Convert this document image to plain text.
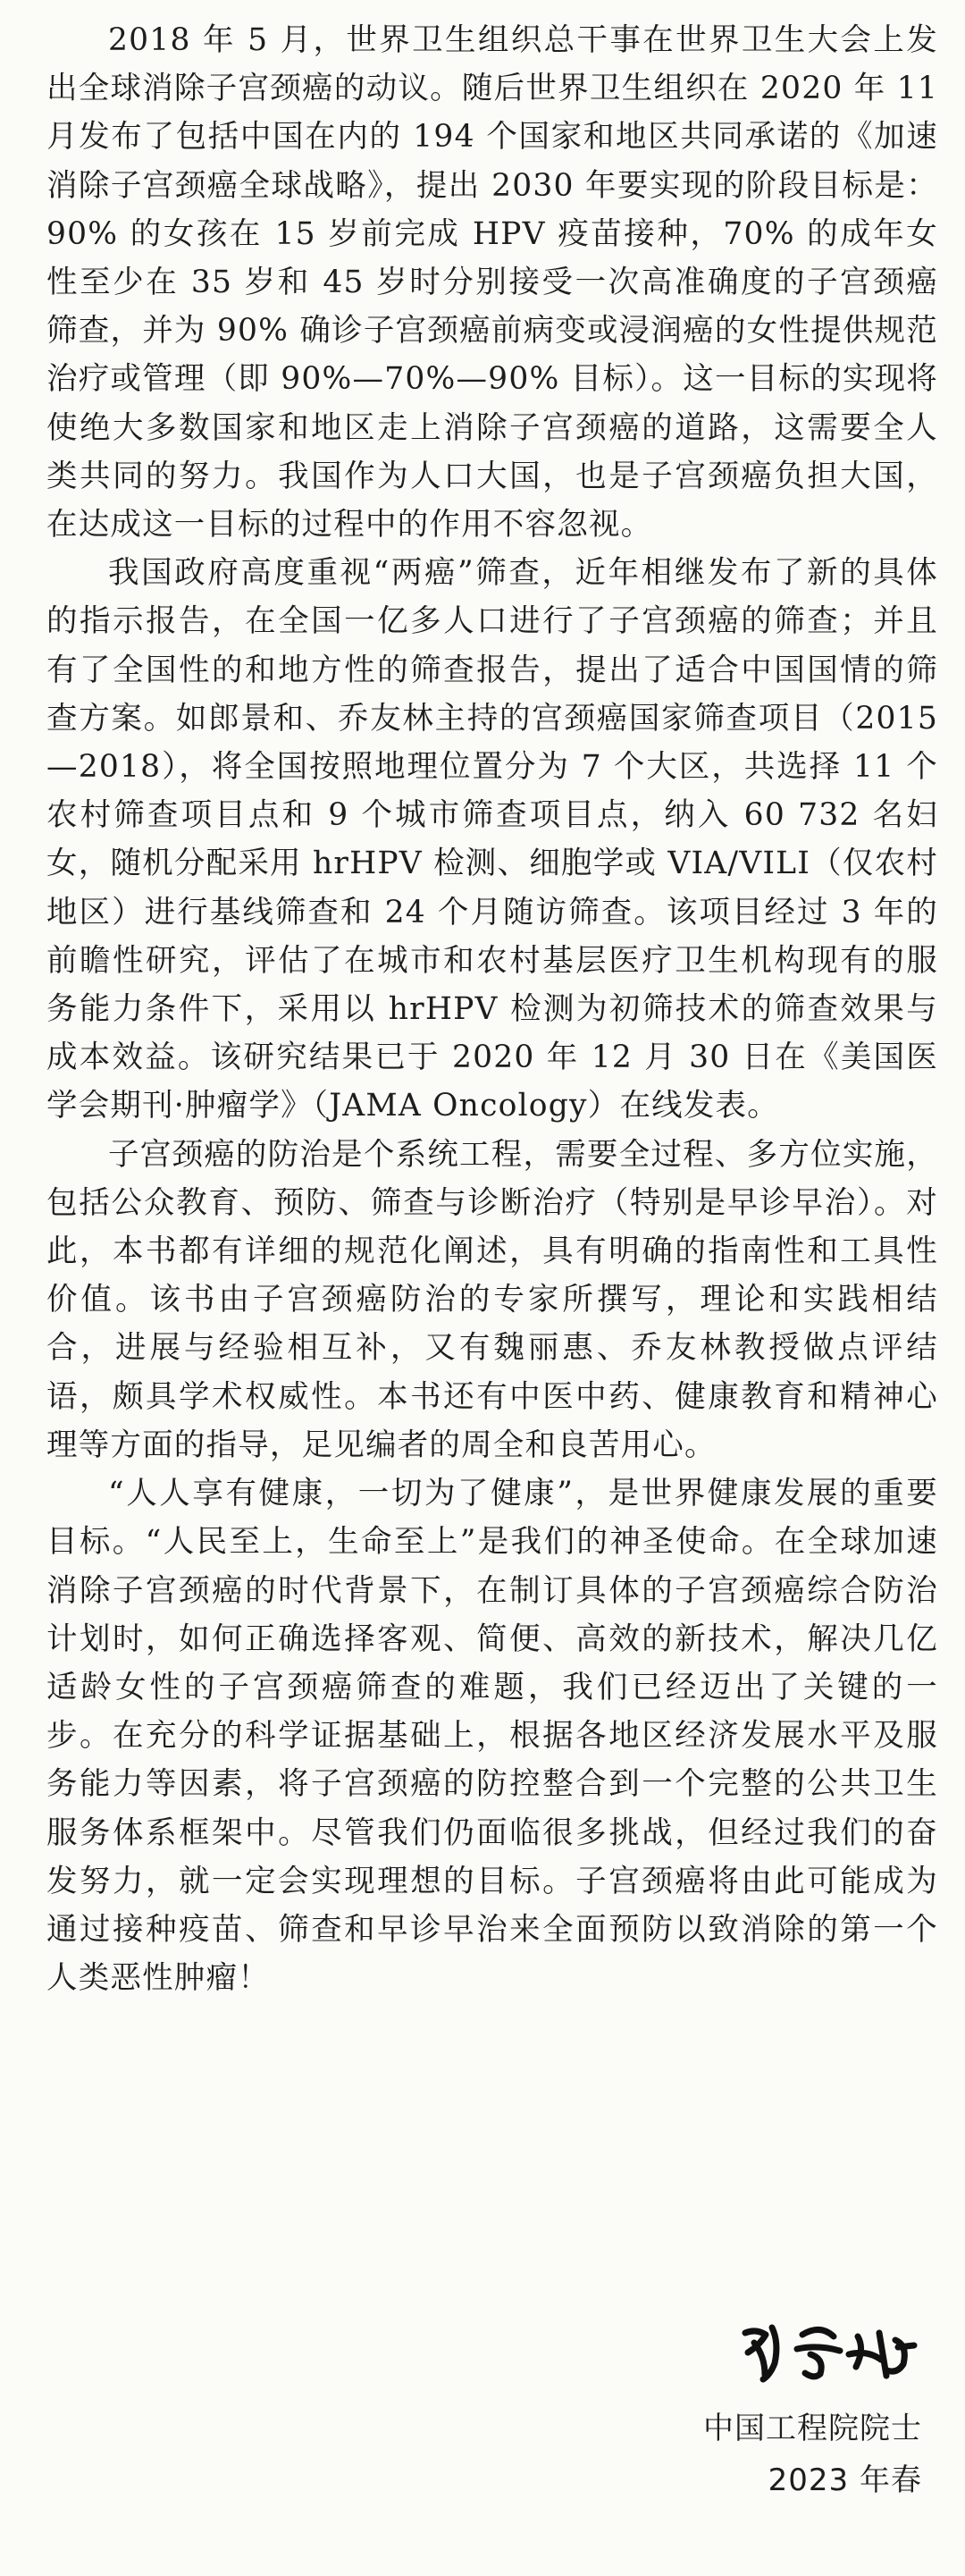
2018 年 5 月，世界卫生组织总干事在世界卫生大会上发出全球消除子宫颈癌的动议。随后世界卫生组织在 2020 年 11 月发布了包括中国在内的 194 个国家和地区共同承诺的《加速消除子宫颈癌全球战略》，提出 2030 年要实现的阶段目标是：90% 的女孩在 15 岁前完成 HPV 疫苗接种，70% 的成年女性至少在 35 岁和 45 岁时分别接受一次高准确度的子宫颈癌筛查，并为 90% 确诊子宫颈癌前病变或浸润癌的女性提供规范治疗或管理（即 90%—70%—90% 目标）。这一目标的实现将使绝大多数国家和地区走上消除子宫颈癌的道路，这需要全人类共同的努力。我国作为人口大国，也是子宫颈癌负担大国，在达成这一目标的过程中的作用不容忽视。

我国政府高度重视“两癌”筛查，近年相继发布了新的具体的指示报告，在全国一亿多人口进行了子宫颈癌的筛查；并且有了全国性的和地方性的筛查报告，提出了适合中国国情的筛查方案。如郎景和、乔友林主持的宫颈癌国家筛查项目（2015—2018），将全国按照地理位置分为 7 个大区，共选择 11 个农村筛查项目点和 9 个城市筛查项目点，纳入 60 732 名妇女，随机分配采用 hrHPV 检测、细胞学或 VIA/VILI（仅农村地区）进行基线筛查和 24 个月随访筛查。该项目经过 3 年的前瞻性研究，评估了在城市和农村基层医疗卫生机构现有的服务能力条件下，采用以 hrHPV 检测为初筛技术的筛查效果与成本效益。该研究结果已于 2020 年 12 月 30 日在《美国医学会期刊·肿瘤学》（JAMA Oncology）在线发表。

子宫颈癌的防治是个系统工程，需要全过程、多方位实施，包括公众教育、预防、筛查与诊断治疗（特别是早诊早治）。对此，本书都有详细的规范化阐述，具有明确的指南性和工具性价值。该书由子宫颈癌防治的专家所撰写，理论和实践相结合，进展与经验相互补，又有魏丽惠、乔友林教授做点评结语，颇具学术权威性。本书还有中医中药、健康教育和精神心理等方面的指导，足见编者的周全和良苦用心。

“人人享有健康，一切为了健康”，是世界健康发展的重要目标。“人民至上，生命至上”是我们的神圣使命。在全球加速消除子宫颈癌的时代背景下，在制订具体的子宫颈癌综合防治计划时，如何正确选择客观、简便、高效的新技术，解决几亿适龄女性的子宫颈癌筛查的难题，我们已经迈出了关键的一步。在充分的科学证据基础上，根据各地区经济发展水平及服务能力等因素，将子宫颈癌的防控整合到一个完整的公共卫生服务体系框架中。尽管我们仍面临很多挑战，但经过我们的奋发努力，就一定会实现理想的目标。子宫颈癌将由此可能成为通过接种疫苗、筛查和早诊早治来全面预防以致消除的第一个人类恶性肿瘤！

中国工程院院士
2023 年春
